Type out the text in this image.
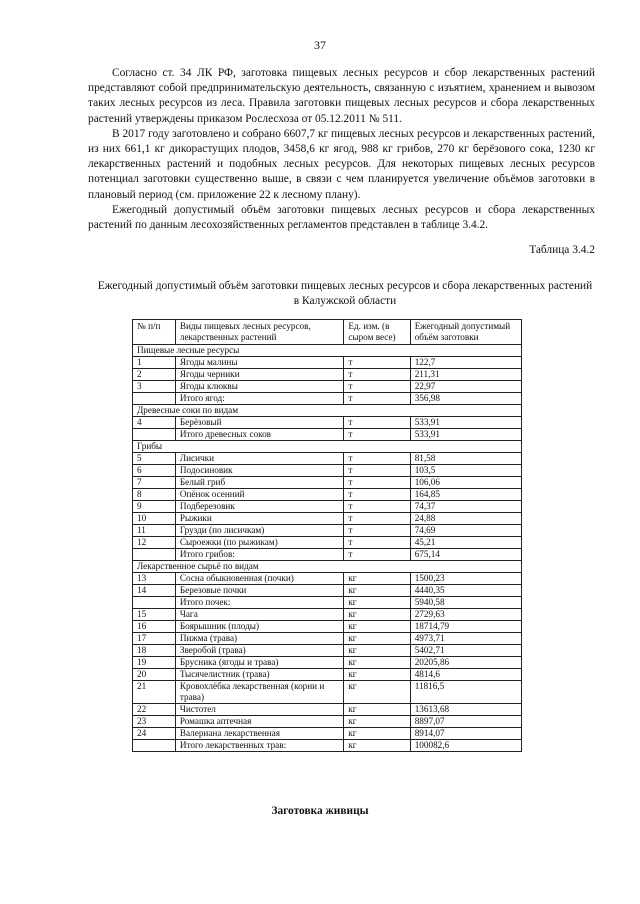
37

Согласно ст. 34 ЛК РФ, заготовка пищевых лесных ресурсов и сбор лекарственных растений представляют собой предпринимательскую деятельность, связанную с изъятием, хранением и вывозом таких лесных ресурсов из леса. Правила заготовки пищевых лесных ресурсов и сбора лекарственных растений утверждены приказом Рослесхоза от 05.12.2011 № 511.

В 2017 году заготовлено и собрано 6607,7 кг пищевых лесных ресурсов и лекарственных растений, из них 661,1 кг дикорастущих плодов, 3458,6 кг ягод, 988 кг грибов, 270 кг берёзового сока, 1230 кг лекарственных растений и подобных лесных ресурсов. Для некоторых пищевых лесных ресурсов потенциал заготовки существенно выше, в связи с чем планируется увеличение объёмов заготовки в плановый период (см. приложение 22 к лесному плану).

Ежегодный допустимый объём заготовки пищевых лесных ресурсов и сбора лекарственных растений по данным лесохозяйственных регламентов представлен в таблице 3.4.2.

Таблица 3.4.2
Ежегодный допустимый объём заготовки пищевых лесных ресурсов и сбора лекарственных растений в Калужской области
№ п/п	Виды пищевых лесных ресурсов, лекарственных растений	Ед. изм. (в сыром весе)	Ежегодный допустимый объём заготовки
Пищевые лесные ресурсы			
1	Ягоды малины	т	122,7
2	Ягоды черники	т	211,31
3	Ягоды клюквы	т	22,97
	Итого ягод:	т	356,98
Древесные соки по видам			
4	Берёзовый	т	533,91
	Итого древесных соков	т	533,91
Грибы			
5	Лисички	т	81,58
6	Подосиновик	т	103,5
7	Белый гриб	т	106,06
8	Опёнок осенний	т	164,85
9	Подберезовик	т	74,37
10	Рыжики	т	24,88
11	Грузди (по лисичкам)	т	74,69
12	Сыроежки (по рыжикам)	т	45,21
	Итого грибов:	т	675,14
Лекарственное сырьё по видам			
13	Сосна обыкновенная (почки)	кг	1500,23
14	Березовые почки	кг	4440,35
	Итого почек:	кг	5940,58
15	Чага	кг	2729,63
16	Боярышник (плоды)	кг	18714,79
17	Пижма (трава)	кг	4973,71
18	Зверобой (трава)	кг	5402,71
19	Брусника (ягоды и трава)	кг	20205,86
20	Тысячелистник (трава)	кг	4814,6
21	Кровохлёбка лекарственная (корни и трава)	кг	11816,5
22	Чистотел	кг	13613,68
23	Ромашка аптечная	кг	8897,07
24	Валериана лекарственная	кг	8914,07
	Итого лекарственных трав:	кг	100082,6
Заготовка живицы
